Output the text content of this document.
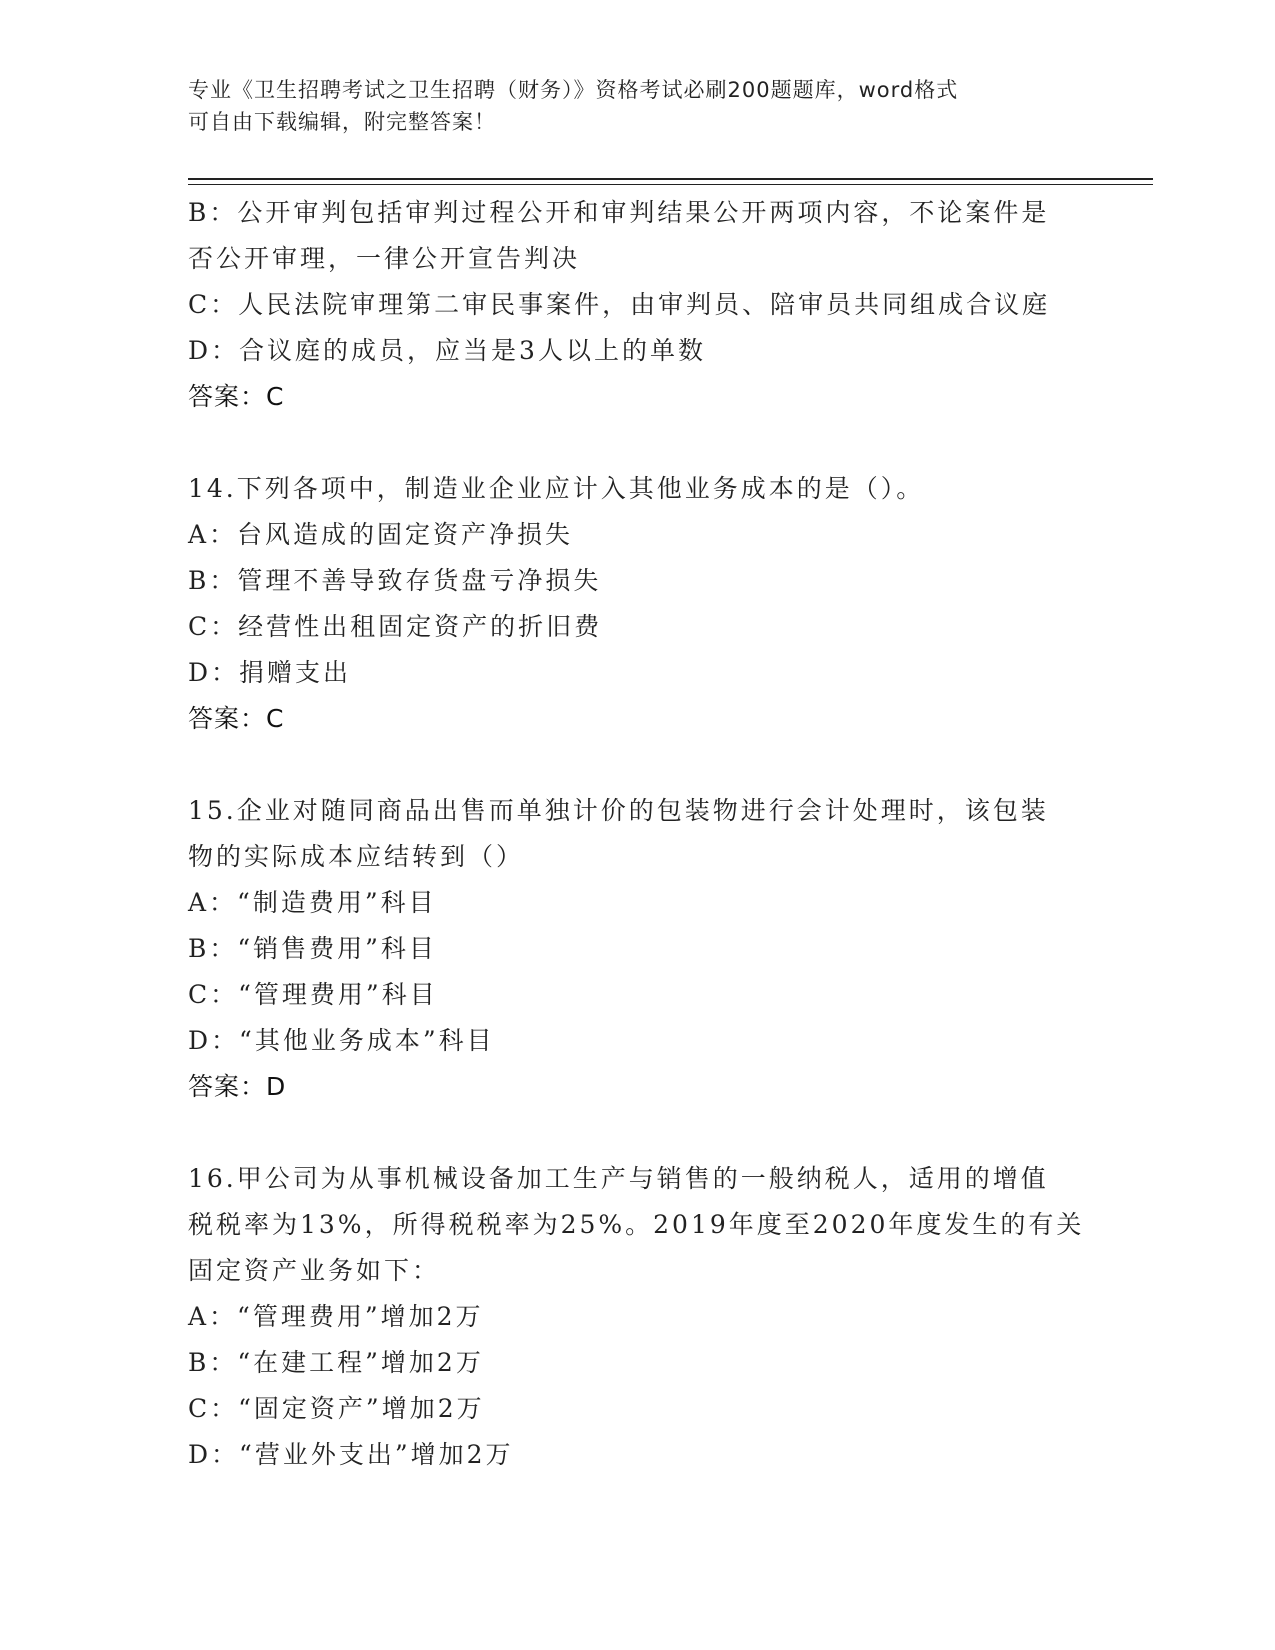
专业《卫生招聘考试之卫生招聘（财务）》资格考试必刷200题题库，word格式
可自由下载编辑，附完整答案！
B：公开审判包括审判过程公开和审判结果公开两项内容，不论案件是
否公开审理，一律公开宣告判决
C：人民法院审理第二审民事案件，由审判员、陪审员共同组成合议庭
D：合议庭的成员，应当是3人以上的单数
答案：C
14.下列各项中，制造业企业应计入其他业务成本的是（）。
A：台风造成的固定资产净损失
B：管理不善导致存货盘亏净损失
C：经营性出租固定资产的折旧费
D：捐赠支出
答案：C
15.企业对随同商品出售而单独计价的包装物进行会计处理时，该包装
物的实际成本应结转到（）
A：“制造费用”科目
B：“销售费用”科目
C：“管理费用”科目
D：“其他业务成本”科目
答案：D
16.甲公司为从事机械设备加工生产与销售的一般纳税人，适用的增值
税税率为13%，所得税税率为25%。2019年度至2020年度发生的有关
固定资产业务如下：
A：“管理费用”增加2万
B：“在建工程”增加2万
C：“固定资产”增加2万
D：“营业外支出”增加2万
